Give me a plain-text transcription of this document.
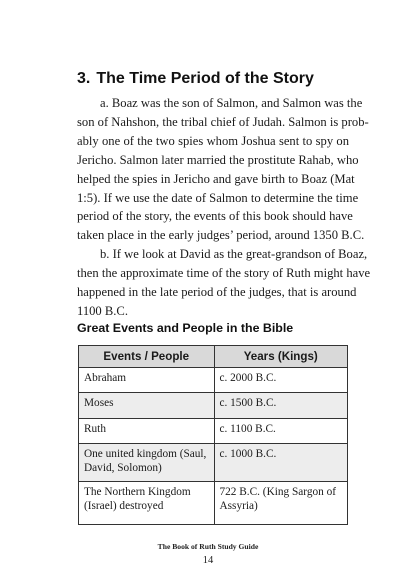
3. The Time Period of the Story
a. Boaz was the son of Salmon, and Salmon was the
son of Nahshon, the tribal chief of Judah. Salmon is prob-
ably one of the two spies whom Joshua sent to spy on
Jericho. Salmon later married the prostitute Rahab, who
helped the spies in Jericho and gave birth to Boaz (Mat
1:5). If we use the date of Salmon to determine the time
period of the story, the events of this book should have
taken place in the early judges’ period, around 1350 B.C.
b. If we look at David as the great-grandson of Boaz,
then the approximate time of the story of Ruth might have
happened in the late period of the judges, that is around
1100 B.C.
Great Events and People in the Bible
Events / People	Years (Kings)
Abraham	c. 2000 B.C.
Moses	c. 1500 B.C.
Ruth	c. 1100 B.C.
One united kingdom (Saul, David, Solomon)	c. 1000 B.C.
The Northern Kingdom (Israel) destroyed	722 B.C. (King Sargon of Assyria)
The Book of Ruth Study Guide
14
